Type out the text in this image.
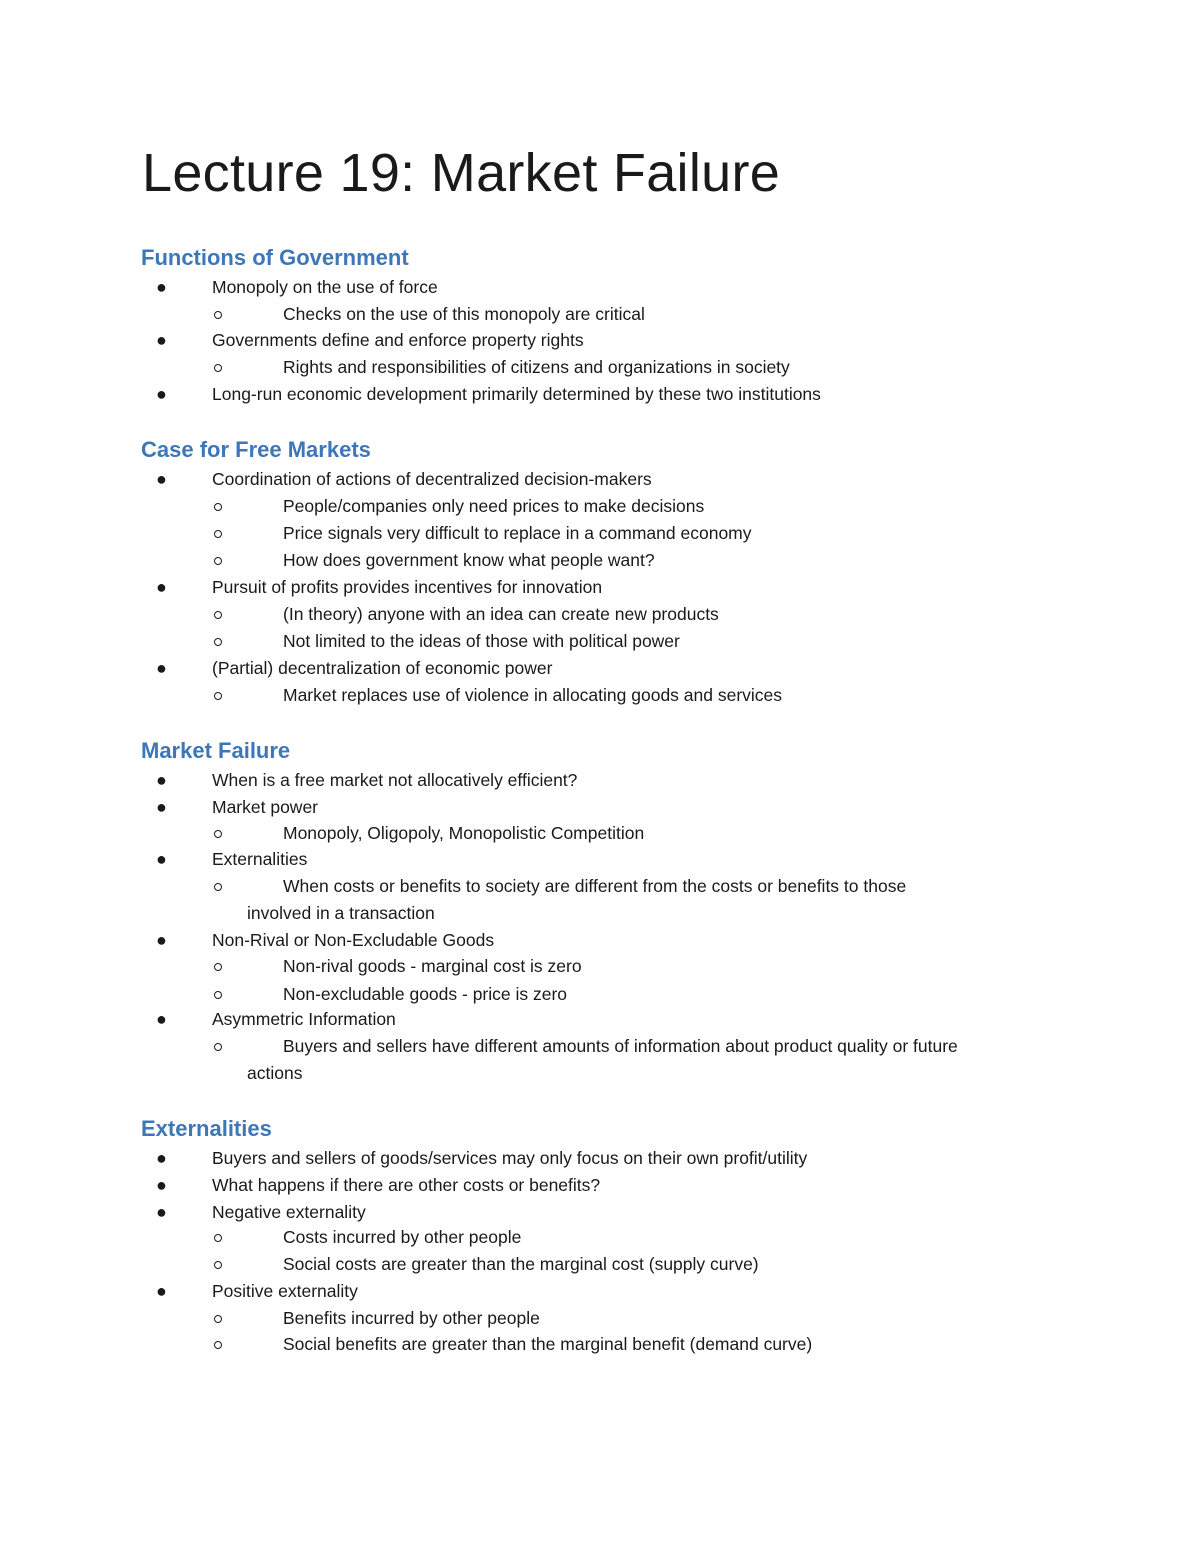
Lecture 19: Market Failure
Functions of Government
●	Monopoly on the use of force
Checks on the use of this monopoly are critical
●	Governments define and enforce property rights
Rights and responsibilities of citizens and organizations in society
●	Long-run economic development primarily determined by these two institutions
Case for Free Markets
●	Coordination of actions of decentralized decision-makers
People/companies only need prices to make decisions
Price signals very difficult to replace in a command economy
How does government know what people want?
●	Pursuit of profits provides incentives for innovation
(In theory) anyone with an idea can create new products
Not limited to the ideas of those with political power
●	(Partial) decentralization of economic power
Market replaces use of violence in allocating goods and services
Market Failure
●	When is a free market not allocatively efficient?
●	Market power
Monopoly, Oligopoly, Monopolistic Competition
●	Externalities
When costs or benefits to society are different from the costs or benefits to those
involved in a transaction
●	Non-Rival or Non-Excludable Goods
Non-rival goods - marginal cost is zero
Non-excludable goods - price is zero
●	Asymmetric Information
Buyers and sellers have different amounts of information about product quality or future
actions
Externalities
●	Buyers and sellers of goods/services may only focus on their own profit/utility
●	What happens if there are other costs or benefits?
●	Negative externality
Costs incurred by other people
Social costs are greater than the marginal cost (supply curve)
●	Positive externality
Benefits incurred by other people
Social benefits are greater than the marginal benefit (demand curve)
